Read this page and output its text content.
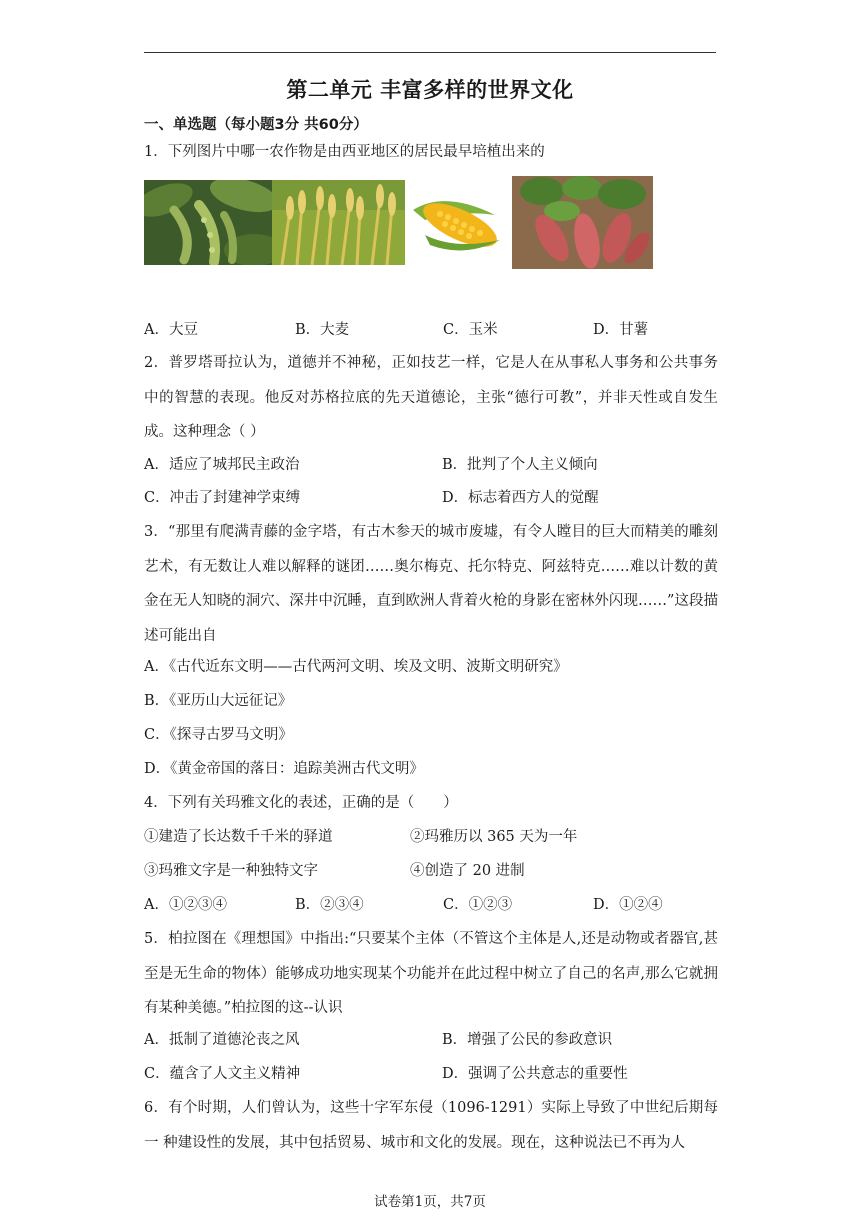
第二单元 丰富多样的世界文化
一、单选题（每小题3分 共60分）
1．下列图片中哪一农作物是由西亚地区的居民最早培植出来的
A．大豆	B．大麦	C．玉米	D．甘薯
2．普罗塔哥拉认为，道德并不神秘，正如技艺一样，它是人在从事私人事务和公共事务中的智慧的表现。他反对苏格拉底的先天道德论，主张“德行可教”，并非天性或自发生成。这种理念（ ）
A．适应了城邦民主政治	B．批判了个人主义倾向
C．冲击了封建神学束缚	D．标志着西方人的觉醒
3．“那里有爬满青藤的金字塔，有古木参天的城市废墟，有令人瞠目的巨大而精美的雕刻艺术，有无数让人难以解释的谜团……奥尔梅克、托尔特克、阿兹特克……难以计数的黄金在无人知晓的洞穴、深井中沉睡，直到欧洲人背着火枪的身影在密林外闪现……”这段描述可能出自
A．《古代近东文明——古代两河文明、埃及文明、波斯文明研究》
B．《亚历山大远征记》
C．《探寻古罗马文明》
D．《黄金帝国的落日：追踪美洲古代文明》
4．下列有关玛雅文化的表述，正确的是（　　）
①建造了长达数千千米的驿道	②玛雅历以 365 天为一年
③玛雅文字是一种独特文字	④创造了 20 进制
A．①②③④	B．②③④	C．①②③	D．①②④
5．柏拉图在《理想国》中指出:“只要某个主体（不管这个主体是人,还是动物或者器官,甚至是无生命的物体）能够成功地实现某个功能并在此过程中树立了自己的名声,那么它就拥有某种美德。”柏拉图的这--认识
A．抵制了道德沦丧之风	B．增强了公民的参政意识
C．蕴含了人文主义精神	D．强调了公共意志的重要性
6．有个时期，人们曾认为，这些十字军东侵（1096-1291）实际上导致了中世纪后期每一 种建设性的发展，其中包括贸易、城市和文化的发展。现在，这种说法已不再为人
试卷第1页，共7页
